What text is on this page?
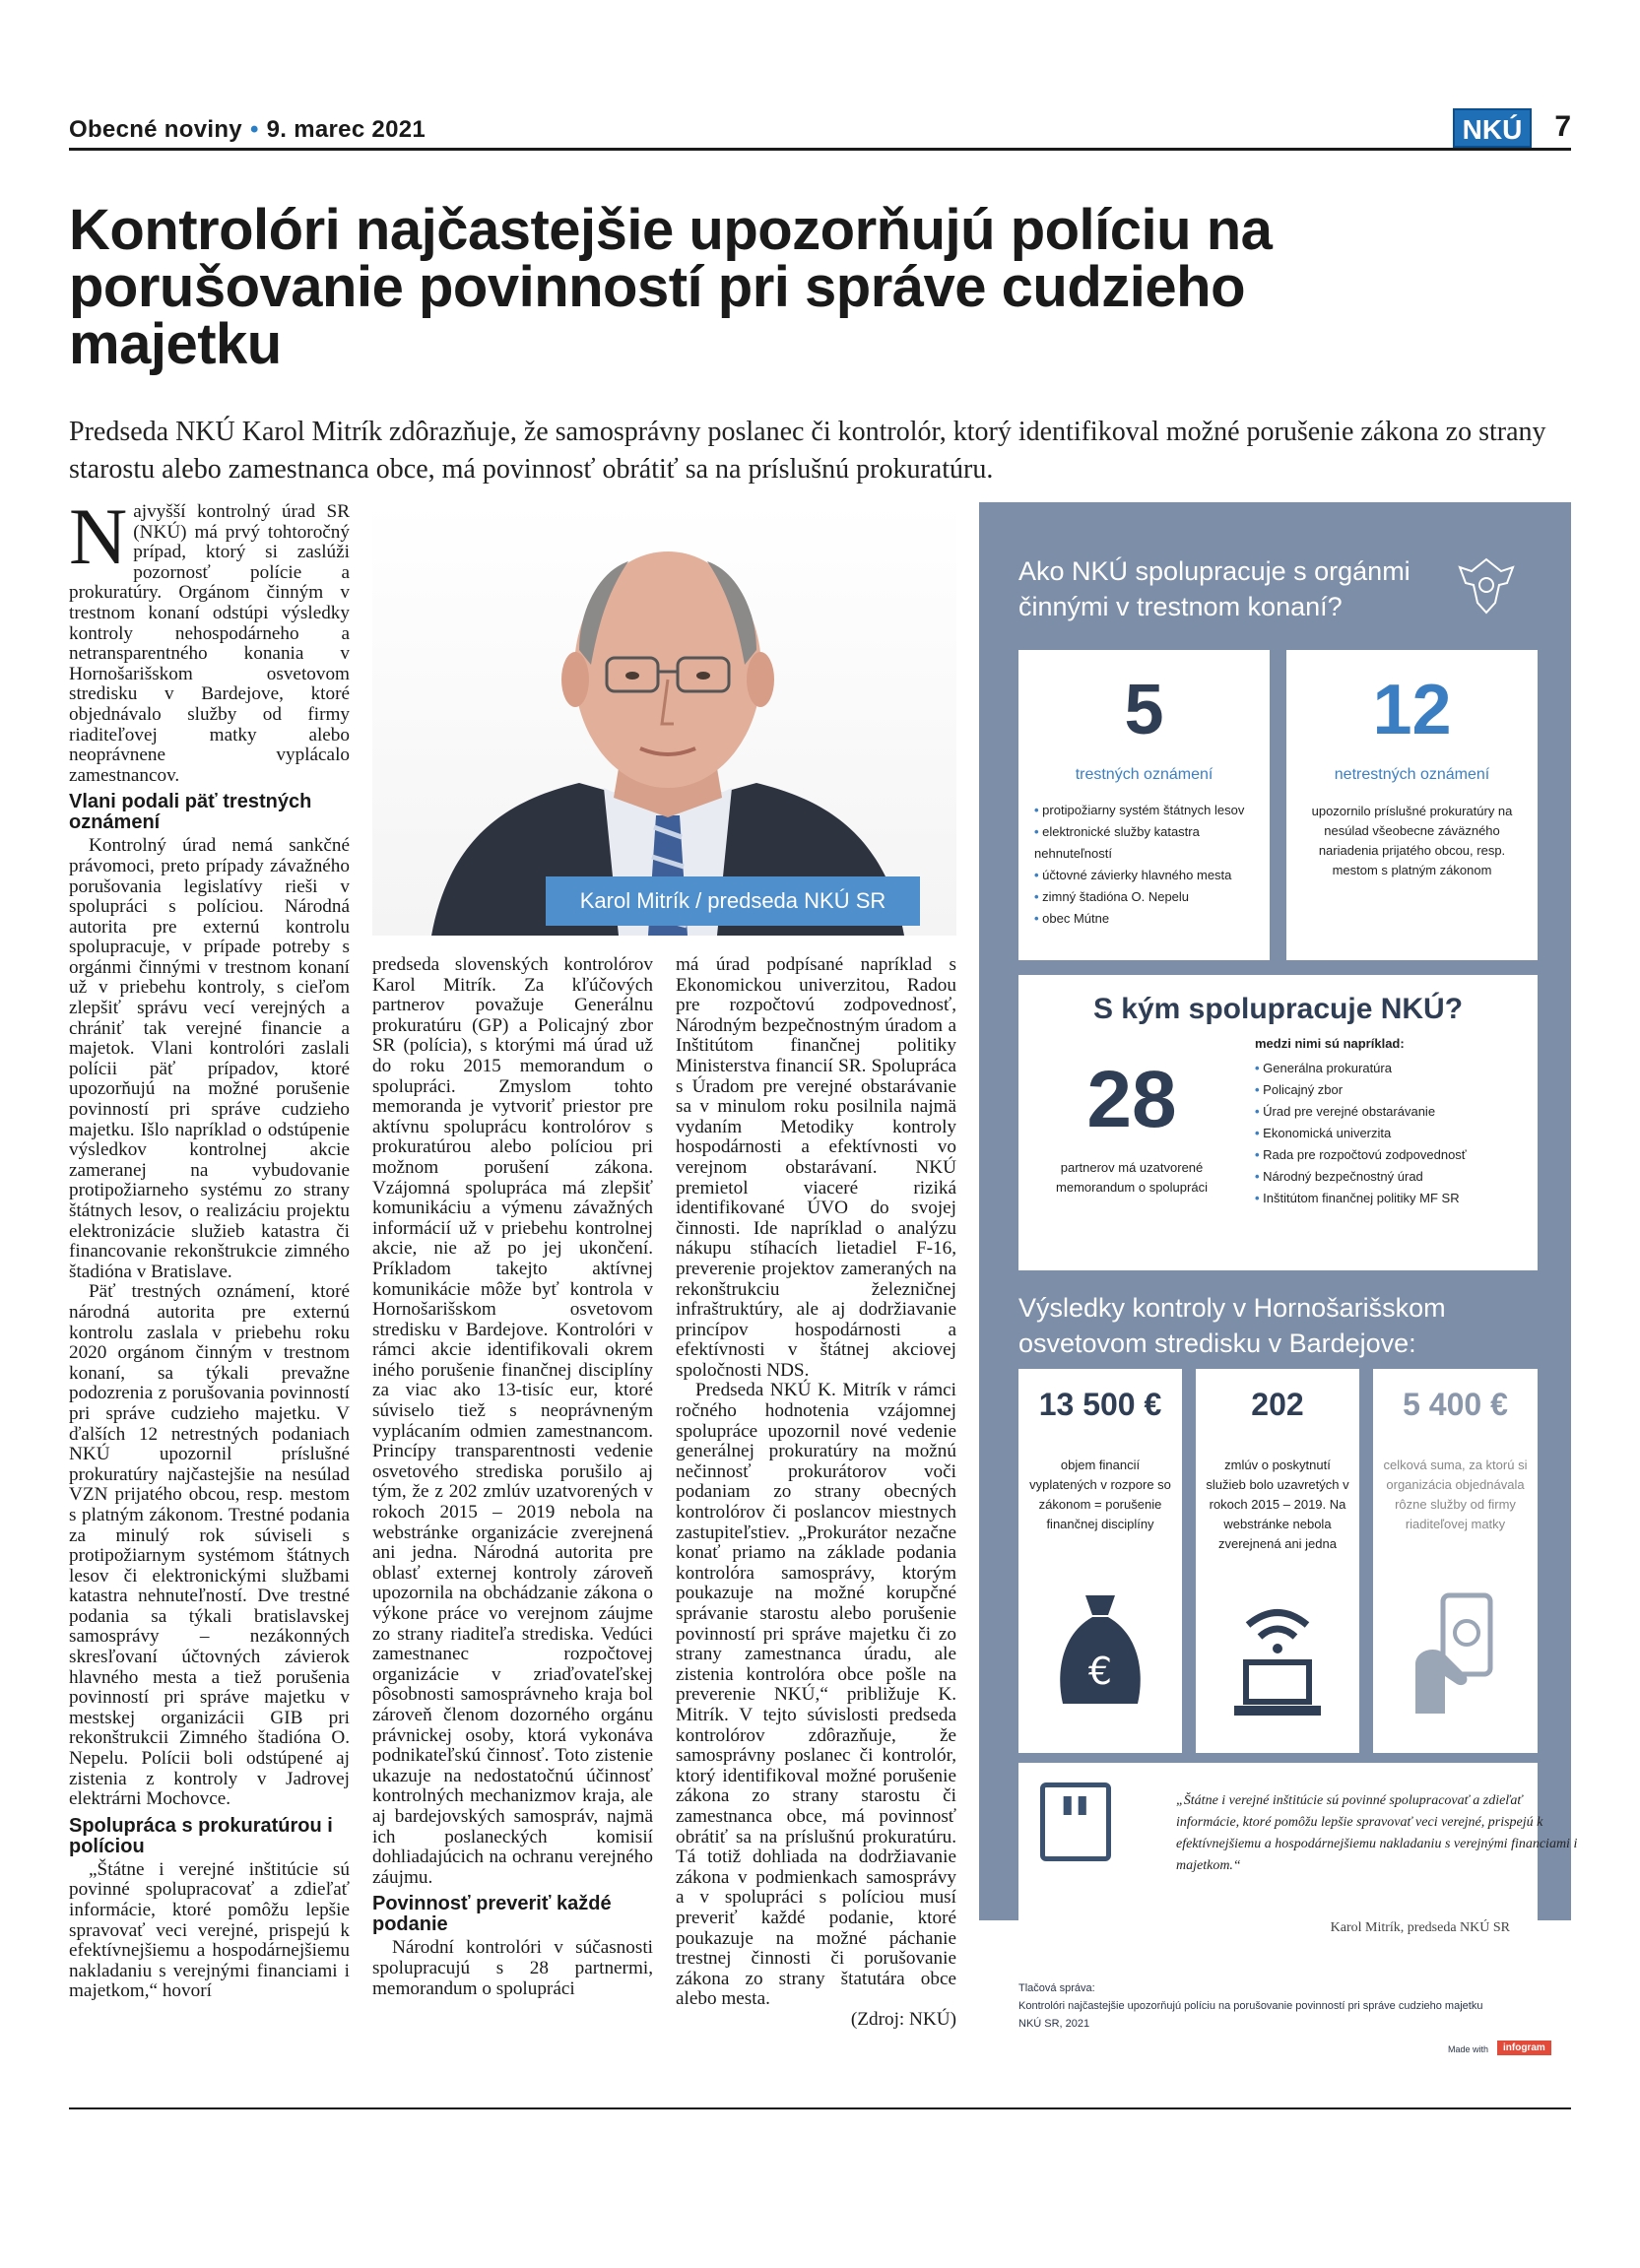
Obecné noviny • 9. marec 2021	NKÚ	7
Kontrolóri najčastejšie upozorňujú políciu na porušovanie povinností pri správe cudzieho majetku

Predseda NKÚ Karol Mitrík zdôrazňuje, že samosprávny poslanec či kontrolór, ktorý identifikoval možné porušenie zákona zo strany starostu alebo zamestnanca obce, má povinnosť obrátiť sa na príslušnú prokuratúru.

Najvyšší kontrolný úrad SR (NKÚ) má prvý tohtoročný prípad, ktorý si zaslúži pozornosť polície a prokuratúry. Orgánom činným v trestnom konaní odstúpi výsledky kontroly nehospodárneho a netransparentného konania v Hornošarišskom osvetovom stredisku v Bardejove, ktoré objednávalo služby od firmy riaditeľovej matky alebo neoprávnene vyplácalo zamestnancov.

Vlani podali päť trestných oznámení

Kontrolný úrad nemá sankčné právomoci, preto prípady závažného porušovania legislatívy rieši v spolupráci s políciou. Národná autorita pre externú kontrolu spolupracuje, v prípade potreby s orgánmi činnými v trestnom konaní už v priebehu kontroly, s cieľom zlepšiť správu vecí verejných a chrániť tak verejné financie a majetok. Vlani kontrolóri zaslali polícii päť prípadov, ktoré upozorňujú na možné porušenie povinností pri správe cudzieho majetku. Išlo napríklad o odstúpenie výsledkov kontrolnej akcie zameranej na vybudovanie protipožiarneho systému zo strany štátnych lesov, o realizáciu projektu elektronizácie služieb katastra či financovanie rekonštrukcie zimného štadióna v Bratislave.

Päť trestných oznámení, ktoré národná autorita pre externú kontrolu zaslala v priebehu roku 2020 orgánom činným v trestnom konaní, sa týkali prevažne podozrenia z porušovania povinností pri správe cudzieho majetku. V ďalších 12 netrestných podaniach NKÚ upozornil príslušné prokuratúry najčastejšie na nesúlad VZN prijatého obcou, resp. mestom s platným zákonom. Trestné podania za minulý rok súviseli s protipožiarnym systémom štátnych lesov či elektronickými službami katastra nehnuteľností. Dve trestné podania sa týkali bratislavskej samosprávy – nezákonných skresľovaní účtovných závierok hlavného mesta a tiež porušenia povinností pri správe majetku v mestskej organizácii GIB pri rekonštrukcii Zimného štadióna O. Nepelu. Polícii boli odstúpené aj zistenia z kontroly v Jadrovej elektrárni Mochovce.

Spolupráca s prokuratúrou i políciou

„Štátne i verejné inštitúcie sú povinné spolupracovať a zdieľať informácie, ktoré pomôžu lepšie spravovať veci verejné, prispejú k efektívnejšiemu a hospodárnejšiemu nakladaniu s verejnými financiami i majetkom,“ hovorí

Karol Mitrík / predseda NKÚ SR

predseda slovenských kontrolórov Karol Mitrík. Za kľúčových partnerov považuje Generálnu prokuratúru (GP) a Policajný zbor SR (políciа), s ktorými má úrad už do roku 2015 memorandum o spolupráci. Zmyslom tohto memoranda je vytvoriť priestor pre aktívnu spoluprácu kontrolórov s prokuratúrou alebo políciou pri možnom porušení zákona. Vzájomná spolupráca má zlepšiť komunikáciu a výmenu závažných informácií už v priebehu kontrolnej akcie, nie až po jej ukončení. Príkladom takejto aktívnej komunikácie môže byť kontrola v Hornošarišskom osvetovom stredisku v Bardejove. Kontrolóri v rámci akcie identifikovali okrem iného porušenie finančnej disciplíny za viac ako 13-tisíc eur, ktoré súviselo tiež s neoprávneným vyplácaním odmien zamestnancom. Princípy transparentnosti vedenie osvetového strediska porušilo aj tým, že z 202 zmlúv uzatvorených v rokoch 2015 – 2019 nebola na webstránke organizácie zverejnená ani jedna. Národná autorita pre oblasť externej kontroly zároveň upozornila na obchádzanie zákona o výkone práce vo verejnom záujme zo strany riaditeľa strediska. Vedúci zamestnanec rozpočtovej organizácie v zriaďovateľskej pôsobnosti samosprávneho kraja bol zároveň členom dozorného orgánu právnickej osoby, ktorá vykonáva podnikateľskú činnosť. Toto zistenie ukazuje na nedostatočnú účinnosť kontrolných mechanizmov kraja, ale aj bardejovských samospráv, najmä ich poslaneckých komisií dohliadajúcich na ochranu verejného záujmu.

Povinnosť preveriť každé podanie

Národní kontrolóri v súčasnosti spolupracujú s 28 partnermi, memorandum o spolupráci

má úrad podpísané napríklad s Ekonomickou univerzitou, Radou pre rozpočtovú zodpovednosť, Národným bezpečnostným úradom a Inštitútom finančnej politiky Ministerstva financií SR. Spolupráca s Úradom pre verejné obstarávanie sa v minulom roku posilnila najmä vydaním Metodiky kontroly hospodárnosti a efektívnosti vo verejnom obstarávaní. NKÚ premietol viaceré riziká identifikované ÚVO do svojej činnosti. Ide napríklad o analýzu nákupu stíhacích lietadiel F-16, preverenie projektov zameraných na rekonštrukciu železničnej infraštruktúry, ale aj dodržiavanie princípov hospodárnosti a efektívnosti v štátnej akciovej spoločnosti NDS.

Predseda NKÚ K. Mitrík v rámci ročného hodnotenia vzájomnej spolupráce upozornil nové vedenie generálnej prokuratúry na možnú nečinnosť prokurátorov voči podaniam zo strany obecných kontrolórov či poslancov miestnych zastupiteľstiev. „Prokurátor nezačne konať priamo na základe podania kontrolóra samosprávy, ktorým poukazuje na možné korupčné správanie starostu alebo porušenie povinností pri správe majetku či zo strany zamestnanca úradu, ale zistenia kontrolóra obce pošle na preverenie NKÚ,“ približuje K. Mitrík. V tejto súvislosti predseda kontrolórov zdôrazňuje, že samosprávny poslanec či kontrolór, ktorý identifikoval možné porušenie zákona zo strany starostu či zamestnanca obce, má povinnosť obrátiť sa na príslušnú prokuratúru. Tá totiž dohliada na dodržiavanie zákona v podmienkach samosprávy a v spolupráci s políciou musí preveriť každé podanie, ktoré poukazuje na možné páchanie trestnej činnosti či porušovanie zákona zo strany štatutára obce alebo mesta.

(Zdroj: NKÚ)

Ako NKÚ spolupracuje s orgánmi činnými v trestnom konaní?
5
trestných oznámení
• protipožiarny systém štátnych lesov
• elektronické služby katastra nehnuteľností
• účtovné závierky hlavného mesta
• zimný štadióna O. Nepelu
• obec Mútne
12
netrestných oznámení
upozornilo príslušné prokuratúry na nesúlad všeobecne záväzného nariadenia prijatého obcou, resp. mestom s platným zákonom
S kým spolupracuje NKÚ?
28
partnerov má uzatvorené memorandum o spolupráci
medzi nimi sú napríklad:
• Generálna prokuratúra
• Policajný zbor
• Úrad pre verejné obstarávanie
• Ekonomická univerzita
• Rada pre rozpočtovú zodpovednosť
• Národný bezpečnostný úrad
• Inštitútom finančnej politiky MF SR
Výsledky kontroly v Hornošarišskom osvetovom stredisku v Bardejove:
13 500 €
objem financií vyplatených v rozpore so zákonom = porušenie finančnej disciplíny
€
202
zmlúv o poskytnutí služieb bolo uzavretých v rokoch 2015 – 2019. Na webstránke nebola zverejnená ani jedna
5 400 €
celková suma, za ktorú si organizácia objednávala rôzne služby od firmy riaditeľovej matky
"	„Štátne i verejné inštitúcie sú povinné spolupracovať a zdieľať informácie, ktoré pomôžu lepšie spravovať veci verejné, prispejú k efektívnejšiemu a hospodárnejšiemu nakladaniu s verejnými financiami i majetkom.“
Karol Mitrík, predseda NKÚ SR
Tlačová správa:
Kontrolóri najčastejšie upozorňujú políciu na porušovanie povinností pri správe cudzieho majetku
NKÚ SR, 2021
Made with	infogram
